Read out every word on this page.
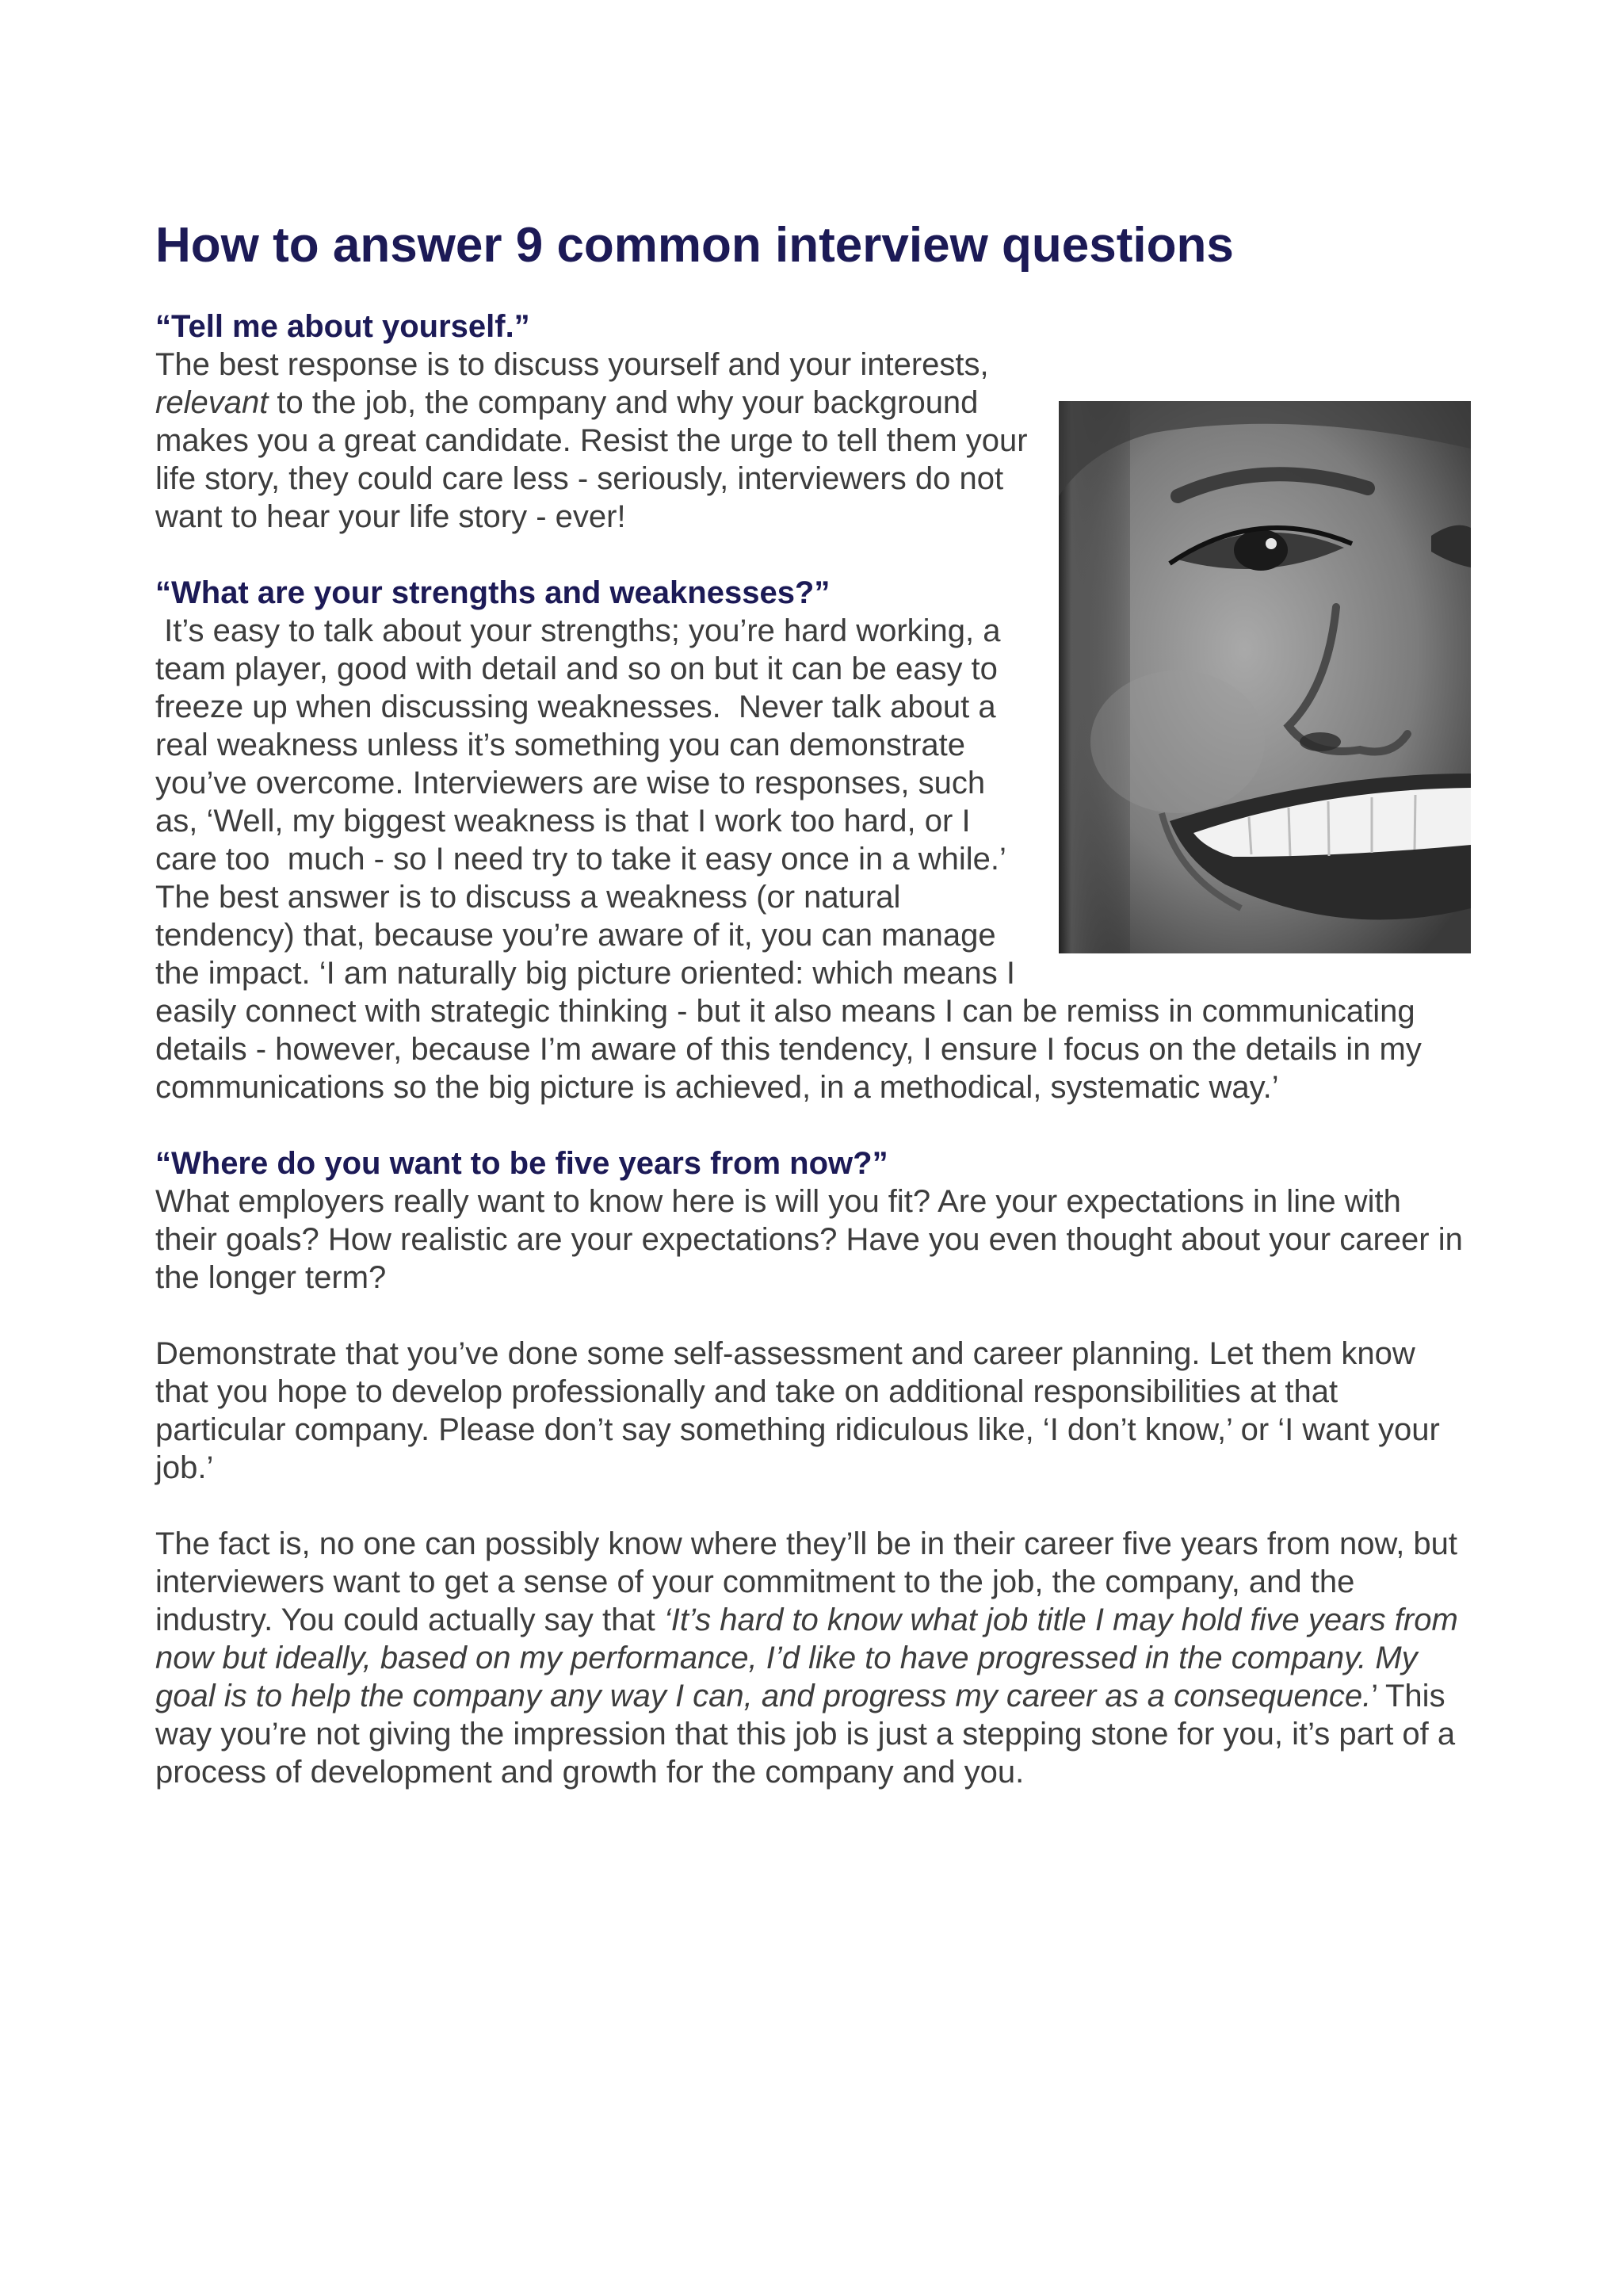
How to answer 9 common interview questions
“Tell me about yourself.”

The best response is to discuss yourself and your interests, relevant to the job, the company and why your background makes you a great candidate. Resist the urge to tell them your life story, they could care less - seriously, interviewers do not want to hear your life story - ever!

“What are your strengths and weaknesses?”

It’s easy to talk about your strengths; you’re hard working, a team player, good with detail and so on but it can be easy to freeze up when discussing weaknesses.  Never talk about a real weakness unless it’s something you can demonstrate you’ve overcome. Interviewers are wise to responses, such as, ‘Well, my biggest weakness is that I work too hard, or I care too  much - so I need try to take it easy once in a while.’ The best answer is to discuss a weakness (or natural tendency) that, because you’re aware of it, you can manage the impact. ‘I am naturally big picture oriented: which means I easily connect with strategic thinking - but it also means I can be remiss in communicating details - however, because I’m aware of this tendency, I ensure I focus on the details in my communications so the big picture is achieved, in a methodical, systematic way.’

“Where do you want to be five years from now?”

What employers really want to know here is will you fit? Are your expectations in line with their goals? How realistic are your expectations? Have you even thought about your career in the longer term?

Demonstrate that you’ve done some self-assessment and career planning. Let them know that you hope to develop professionally and take on additional responsibilities at that particular company. Please don’t say something ridiculous like, ‘I don’t know,’ or ‘I want your job.’

The fact is, no one can possibly know where they’ll be in their career five years from now, but interviewers want to get a sense of your commitment to the job, the company, and the industry. You could actually say that ‘It’s hard to know what job title I may hold five years from now but ideally, based on my performance, I’d like to have progressed in the company. My goal is to help the company any way I can, and progress my career as a consequence.’ This way you’re not giving the impression that this job is just a stepping stone for you, it’s part of a process of development and growth for the company and you.
